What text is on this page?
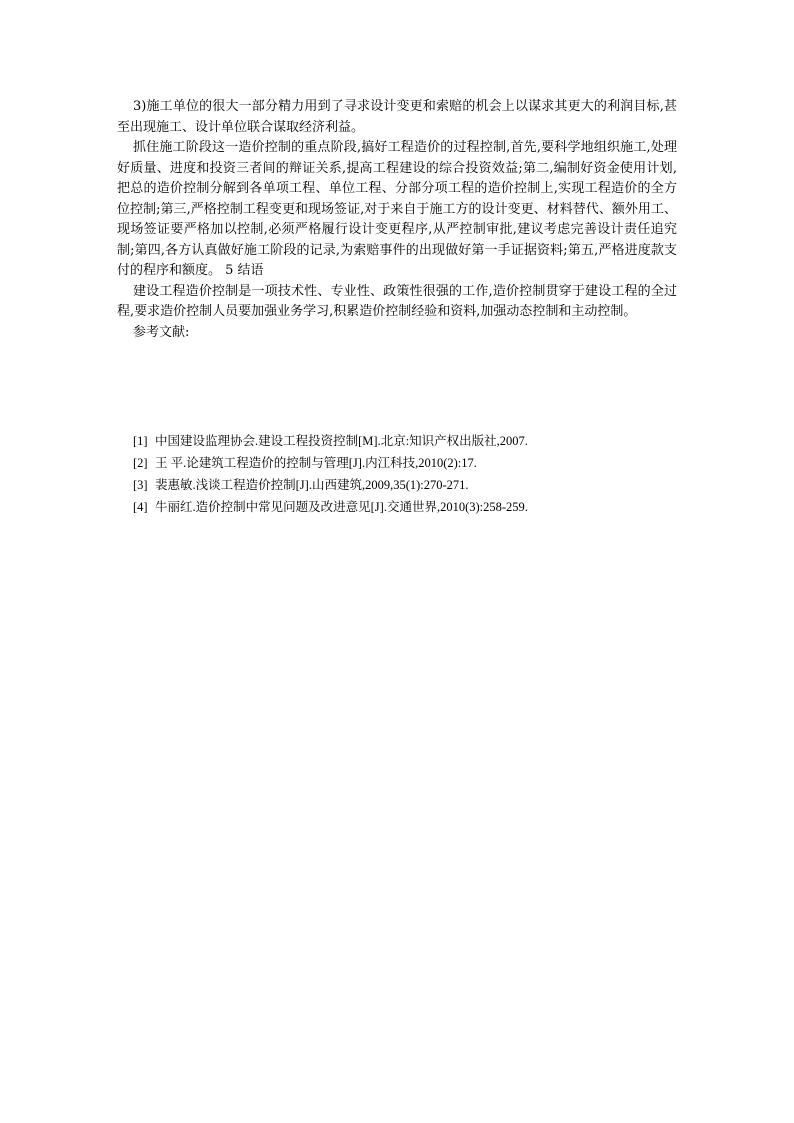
3)施工单位的很大一部分精力用到了寻求设计变更和索赔的机会上以谋求其更大的利润目标,甚至出现施工、设计单位联合谋取经济利益。

抓住施工阶段这一造价控制的重点阶段,搞好工程造价的过程控制,首先,要科学地组织施工,处理好质量、进度和投资三者间的辩证关系,提高工程建设的综合投资效益;第二,编制好资金使用计划,把总的造价控制分解到各单项工程、单位工程、分部分项工程的造价控制上,实现工程造价的全方位控制;第三,严格控制工程变更和现场签证,对于来自于施工方的设计变更、材料替代、额外用工、现场签证要严格加以控制,必须严格履行设计变更程序,从严控制审批,建议考虑完善设计责任追究制;第四,各方认真做好施工阶段的记录,为索赔事件的出现做好第一手证据资料;第五,严格进度款支付的程序和额度。 5 结语

建设工程造价控制是一项技术性、专业性、政策性很强的工作,造价控制贯穿于建设工程的全过程,要求造价控制人员要加强业务学习,积累造价控制经验和资料,加强动态控制和主动控制。

参考文献:

[1] 中国建设监理协会.建设工程投资控制[M].北京:知识产权出版社,2007.
[2] 王 平.论建筑工程造价的控制与管理[J].内江科技,2010(2):17.
[3] 裴惠敏.浅谈工程造价控制[J].山西建筑,2009,35(1):270-271.
[4] 牛丽红.造价控制中常见问题及改进意见[J].交通世界,2010(3):258-259.
